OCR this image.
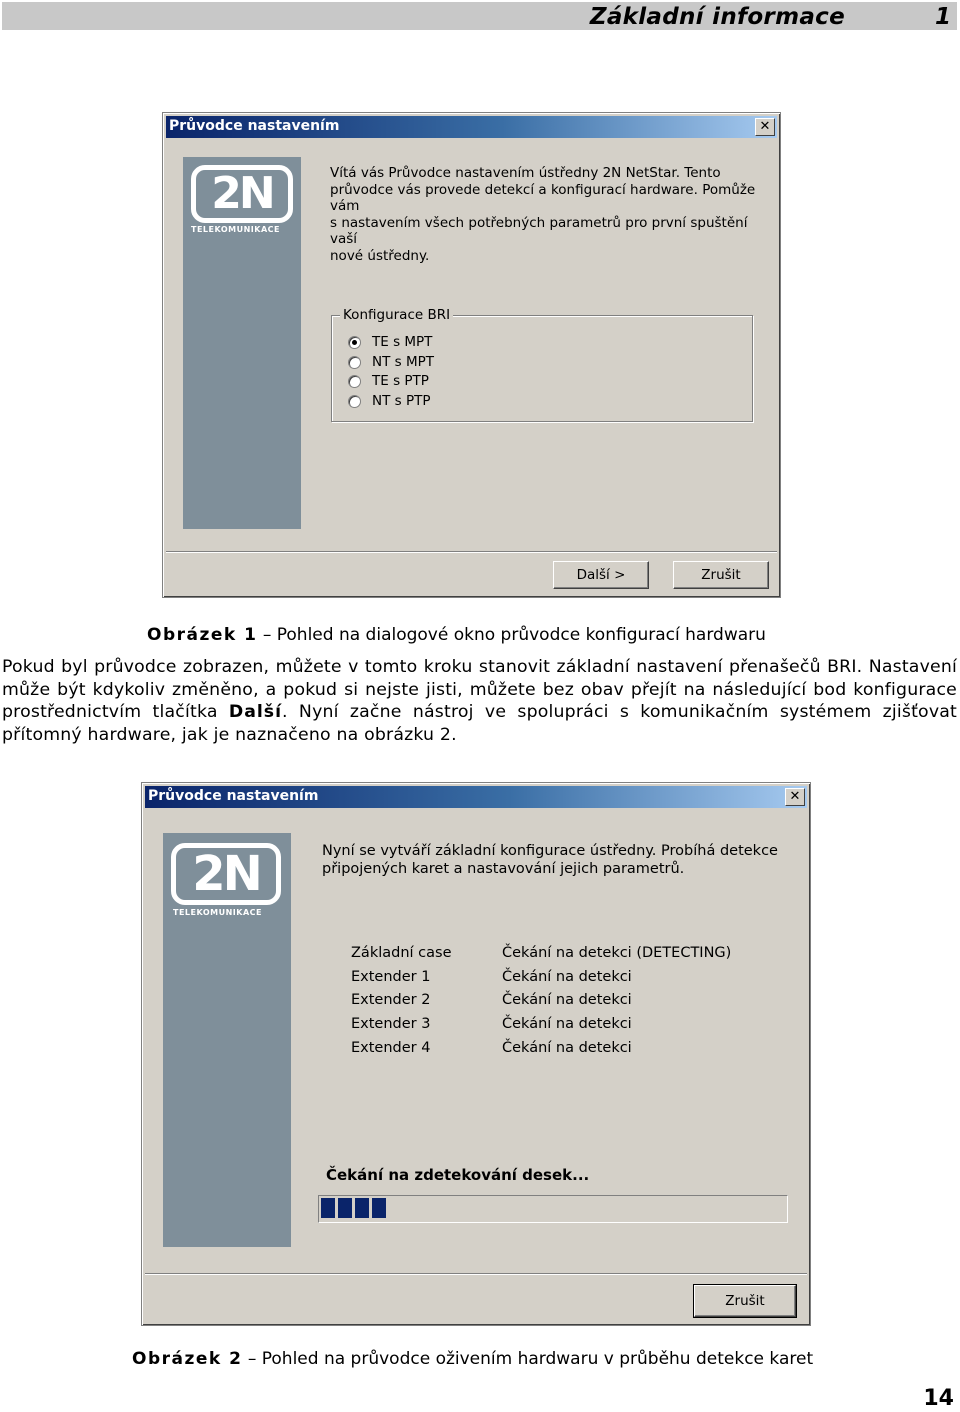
Základní informace	1
Průvodce nastavením	✕
2N
TELEKOMUNIKACE
Vítá vás Průvodce nastavením ústředny 2N NetStar. Tento
průvodce vás provede detekcí a konfigurací hardware. Pomůže vám
s nastavením všech potřebných parametrů pro první spuštění vaší
nové ústředny.
Konfigurace BRI
TE s MPT
NT s MPT
TE s PTP
NT s PTP
Další >	Zrušit
Obrázek 1 – Pohled na dialogové okno průvodce konfigurací hardwaru
Pokud byl průvodce zobrazen, můžete v tomto kroku stanovit základní nastavení přenašečů BRI. Nastavení může být kdykoliv změněno, a pokud si nejste jisti, můžete bez obav přejít na následující bod konfigurace prostřednictvím tlačítka Další. Nyní začne nástroj ve spolupráci s komunikačním systémem zjišťovat přítomný hardware, jak je naznačeno na obrázku 2.
Průvodce nastavením	✕
2N
TELEKOMUNIKACE
Nyní se vytváří základní konfigurace ústředny. Probíhá detekce
připojených karet a nastavování jejich parametrů.
Základní case	Čekání na detekci (DETECTING)
Extender 1	Čekání na detekci
Extender 2	Čekání na detekci
Extender 3	Čekání na detekci
Extender 4	Čekání na detekci
Čekání na zdetekování desek...
Zrušit
Obrázek 2 – Pohled na průvodce oživením hardwaru v průběhu detekce karet
14
